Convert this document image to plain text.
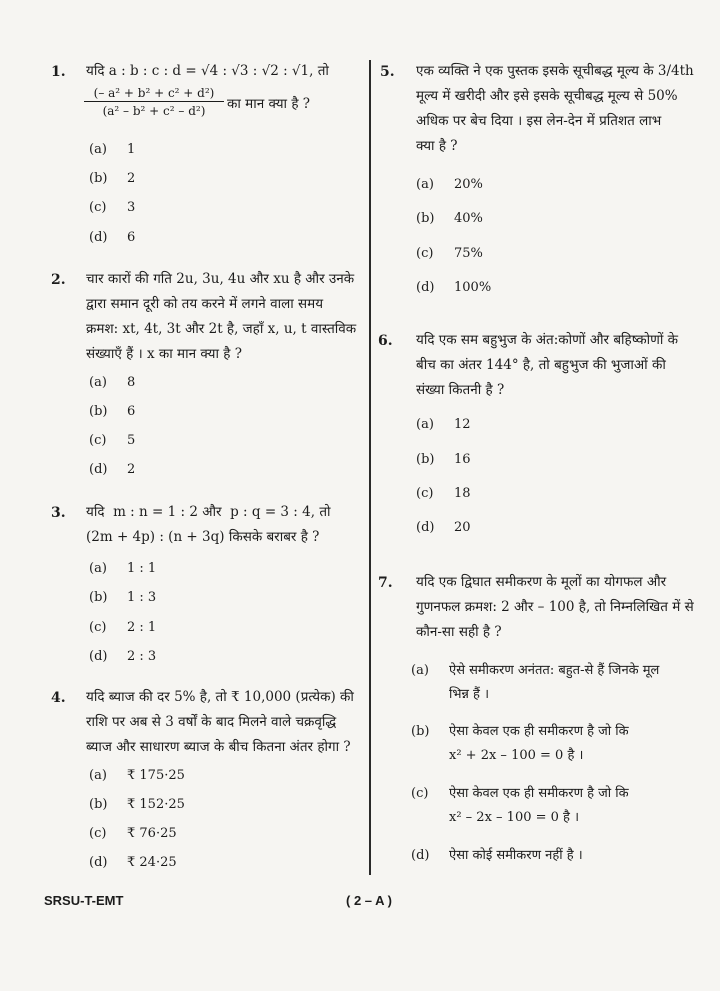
1. यदि a : b : c : d = √4 : √3 : √2 : √1, तो
$\frac{\text{(– a² + b² + c² + d²)}}{\text{(a² – b² + c² – d²)}}$ का मान क्या है ?
(a) 1
(b) 2
(c) 3
(d) 6
2. चार कारों की गति 2u, 3u, 4u और xu है और उनके
द्वारा समान दूरी को तय करने में लगने वाला समय
क्रमश: xt, 4t, 3t और 2t है, जहाँ x, u, t वास्तविक
संख्याएँ हैं । x का मान क्या है ?
(a) 8
(b) 6
(c) 5
(d) 2
3. यदि  m : n = 1 : 2 और  p : q = 3 : 4, तो
(2m + 4p) : (n + 3q) किसके बराबर है ?
(a) 1 : 1
(b) 1 : 3
(c) 2 : 1
(d) 2 : 3
4. यदि ब्याज की दर 5% है, तो ₹ 10,000 (प्रत्येक) की
राशि पर अब से 3 वर्षों के बाद मिलने वाले चक्रवृद्धि
ब्याज और साधारण ब्याज के बीच कितना अंतर होगा ?
(a) ₹ 175·25
(b) ₹ 152·25
(c) ₹ 76·25
(d) ₹ 24·25
5. एक व्यक्ति ने एक पुस्तक इसके सूचीबद्ध मूल्य के 3/4th
मूल्य में खरीदी और इसे इसके सूचीबद्ध मूल्य से 50%
अधिक पर बेच दिया । इस लेन-देन में प्रतिशत लाभ
क्या है ?
(a) 20%
(b) 40%
(c) 75%
(d) 100%
6. यदि एक सम बहुभुज के अंत:कोणों और बहिष्कोणों के
बीच का अंतर 144° है, तो बहुभुज की भुजाओं की
संख्या कितनी है ?
(a) 12
(b) 16
(c) 18
(d) 20
7. यदि एक द्विघात समीकरण के मूलों का योगफल और
गुणनफल क्रमश: 2 और – 100 है, तो निम्नलिखित में से
कौन-सा सही है ?
(a)	ऐसे समीकरण अनंतत: बहुत-से हैं जिनके मूल
भिन्न हैं ।
(b)	ऐसा केवल एक ही समीकरण है जो कि
x² + 2x – 100 = 0 है ।
(c)	ऐसा केवल एक ही समीकरण है जो कि
x² – 2x – 100 = 0 है ।
(d)	ऐसा कोई समीकरण नहीं है ।
SRSU-T-EMT	( 2 – A )
